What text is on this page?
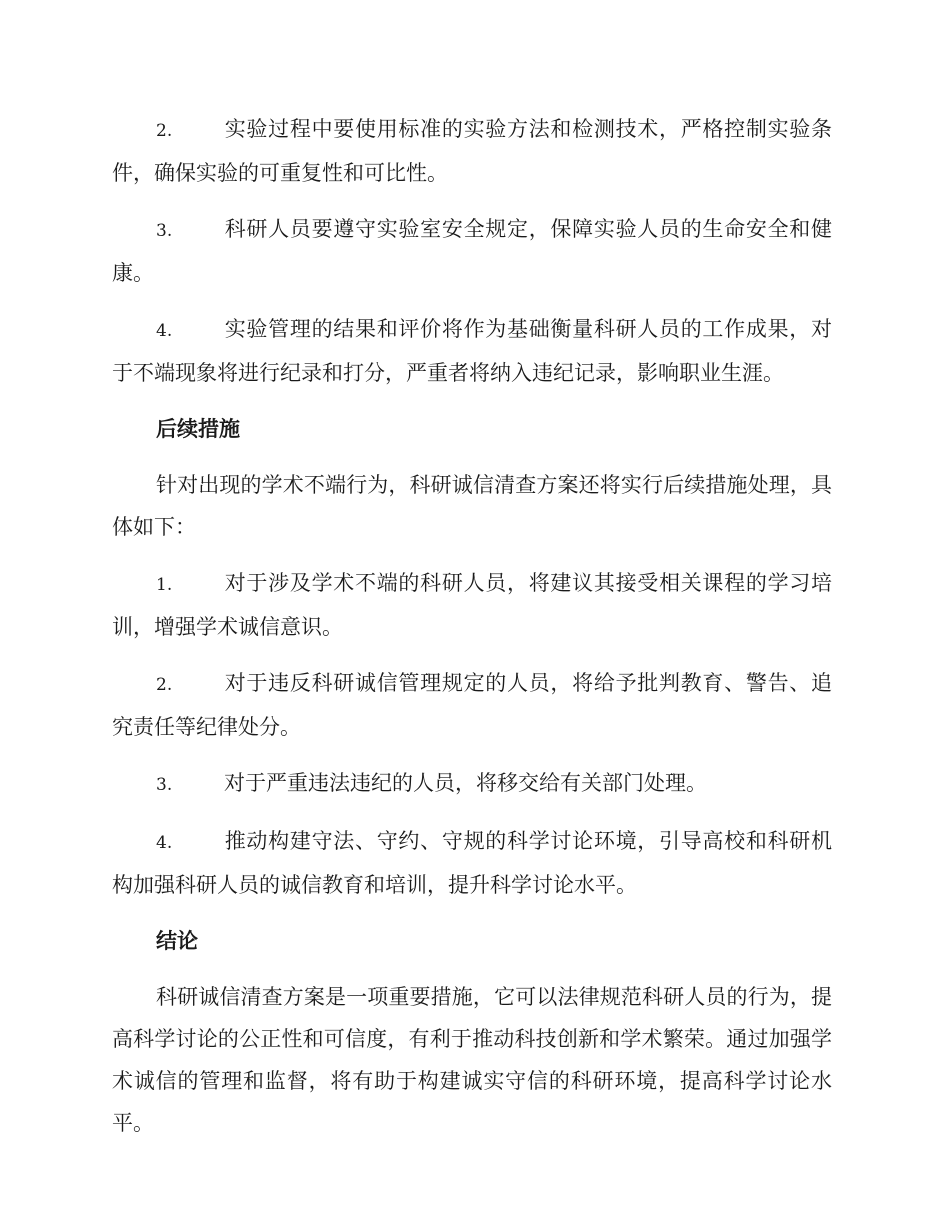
2. 实验过程中要使用标准的实验方法和检测技术，严格控制实验条件，确保实验的可重复性和可比性。

3. 科研人员要遵守实验室安全规定，保障实验人员的生命安全和健康。

4. 实验管理的结果和评价将作为基础衡量科研人员的工作成果，对于不端现象将进行纪录和打分，严重者将纳入违纪记录，影响职业生涯。

后续措施

针对出现的学术不端行为，科研诚信清查方案还将实行后续措施处理，具体如下：

1. 对于涉及学术不端的科研人员，将建议其接受相关课程的学习培训，增强学术诚信意识。

2. 对于违反科研诚信管理规定的人员，将给予批判教育、警告、追究责任等纪律处分。

3. 对于严重违法违纪的人员，将移交给有关部门处理。

4. 推动构建守法、守约、守规的科学讨论环境，引导高校和科研机构加强科研人员的诚信教育和培训，提升科学讨论水平。

结论

科研诚信清查方案是一项重要措施，它可以法律规范科研人员的行为，提高科学讨论的公正性和可信度，有利于推动科技创新和学术繁荣。通过加强学术诚信的管理和监督，将有助于构建诚实守信的科研环境，提高科学讨论水平。
